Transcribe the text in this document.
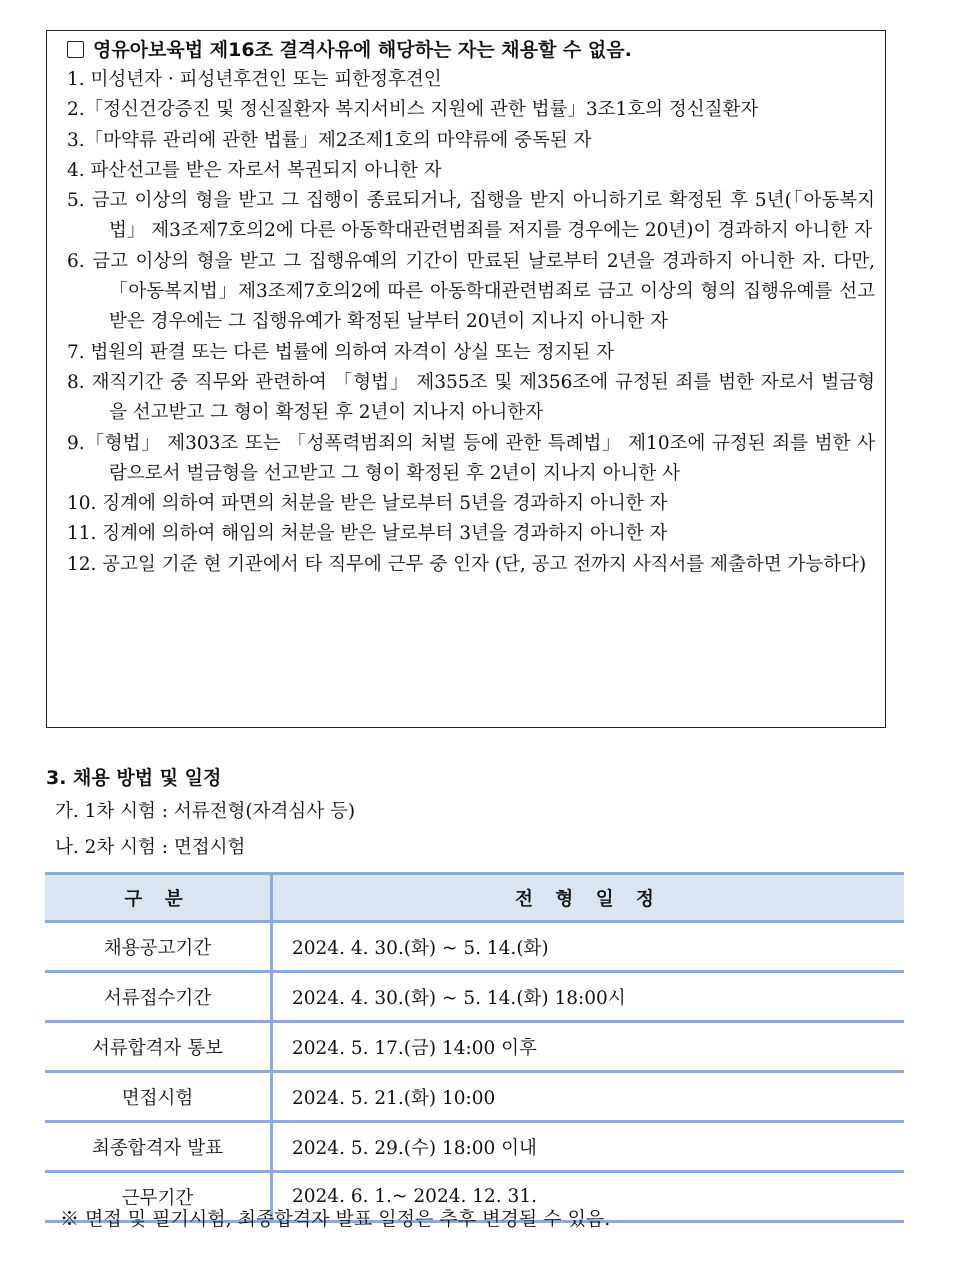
영유아보육법 제16조 결격사유에 해당하는 자는 채용할 수 없음.
1. 미성년자 · 피성년후견인 또는 피한정후견인
2.「정신건강증진 및 정신질환자 복지서비스 지원에 관한 법률」3조1호의 정신질환자
3.「마약류 관리에 관한 법률」제2조제1호의 마약류에 중독된 자
4. 파산선고를 받은 자로서 복권되지 아니한 자
5. 금고 이상의 형을 받고 그 집행이 종료되거나, 집행을 받지 아니하기로 확정된 후 5년(「아동복지법」 제3조제7호의2에 다른 아동학대관련범죄를 저지를 경우에는 20년)이 경과하지 아니한 자
6. 금고 이상의 형을 받고 그 집행유예의 기간이 만료된 날로부터 2년을 경과하지 아니한 자. 다만, 「아동복지법」제3조제7호의2에 따른 아동학대관련범죄로 금고 이상의 형의 집행유예를 선고받은 경우에는 그 집행유예가 확정된 날부터 20년이 지나지 아니한 자
7. 법원의 판결 또는 다른 법률에 의하여 자격이 상실 또는 정지된 자
8. 재직기간 중 직무와 관련하여 「형법」 제355조 및 제356조에 규정된 죄를 범한 자로서 벌금형을 선고받고 그 형이 확정된 후 2년이 지나지 아니한자
9.「형법」 제303조 또는 「성폭력범죄의 처벌 등에 관한 특례법」 제10조에 규정된 죄를 범한 사람으로서 벌금형을 선고받고 그 형이 확정된 후 2년이 지나지 아니한 사
10. 징계에 의하여 파면의 처분을 받은 날로부터 5년을 경과하지 아니한 자
11. 징계에 의하여 해임의 처분을 받은 날로부터 3년을 경과하지 아니한 자
12. 공고일 기준 현 기관에서 타 직무에 근무 중 인자 (단, 공고 전까지 사직서를 제출하면 가능하다)
3. 채용 방법 및 일정
가. 1차 시험 : 서류전형(자격심사 등)
나. 2차 시험 : 면접시험
구 분	전 형 일 정
채용공고기간	2024. 4. 30.(화) ~ 5. 14.(화)
서류접수기간	2024. 4. 30.(화) ~ 5. 14.(화) 18:00시
서류합격자 통보	2024. 5. 17.(금) 14:00 이후
면접시험	2024. 5. 21.(화) 10:00
최종합격자 발표	2024. 5. 29.(수) 18:00 이내
근무기간	2024. 6. 1.~ 2024. 12. 31.
※ 면접 및 필기시험, 최종합격자 발표 일정은 추후 변경될 수 있음.
